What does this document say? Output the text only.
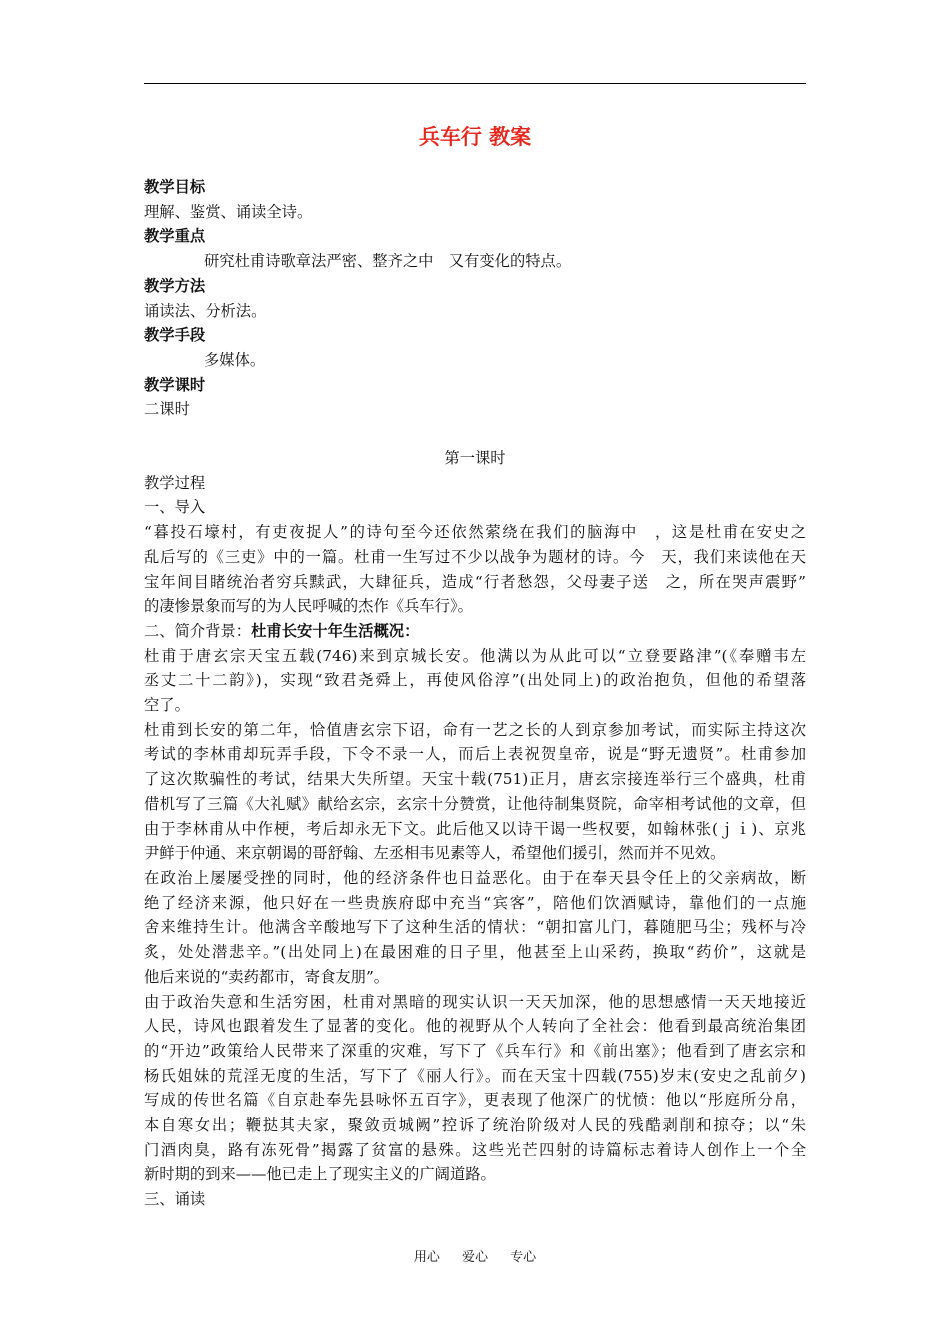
兵车行 教案
教学目标
理解、鉴赏、诵读全诗。
教学重点
研究杜甫诗歌章法严密、整齐之中　又有变化的特点。
教学方法
诵读法、分析法。
教学手段
多媒体。
教学课时
二课时
第一课时
教学过程
一、导入
“暮投石壕村，有吏夜捉人”的诗句至今还依然萦绕在我们的脑海中　，这是杜甫在安史之
乱后写的《三吏》中的一篇。杜甫一生写过不少以战争为题材的诗。今　天，我们来读他在天
宝年间目睹统治者穷兵黩武，大肆征兵，造成“行者愁怨，父母妻子送　之，所在哭声震野”
的凄惨景象而写的为人民呼喊的杰作《兵车行》。
二、简介背景：杜甫长安十年生活概况：
杜甫于唐玄宗天宝五载(746)来到京城长安。他满以为从此可以“立登要路津”(《奉赠韦左
丞丈二十二韵》)，实现“致君尧舜上，再使风俗淳”(出处同上)的政治抱负，但他的希望落
空了。
杜甫到长安的第二年，恰值唐玄宗下诏，命有一艺之长的人到京参加考试，而实际主持这次
考试的李林甫却玩弄手段，下令不录一人，而后上表祝贺皇帝，说是“野无遗贤”。杜甫参加
了这次欺骗性的考试，结果大失所望。天宝十载(751)正月，唐玄宗接连举行三个盛典，杜甫
借机写了三篇《大礼赋》献给玄宗，玄宗十分赞赏，让他待制集贤院，命宰相考试他的文章，但
由于李林甫从中作梗，考后却永无下文。此后他又以诗干谒一些权要，如翰林张(ｊｉ)、京兆
尹鲜于仲通、来京朝谒的哥舒翰、左丞相韦见素等人，希望他们援引，然而并不见效。
在政治上屡屡受挫的同时，他的经济条件也日益恶化。由于在奉天县令任上的父亲病故，断
绝了经济来源，他只好在一些贵族府邸中充当“宾客”，陪他们饮酒赋诗，靠他们的一点施
舍来维持生计。他满含辛酸地写下了这种生活的情状：“朝扣富儿门，暮随肥马尘；残杯与冷
炙，处处潜悲辛。”(出处同上)在最困难的日子里，他甚至上山采药，换取“药价”，这就是
他后来说的“卖药都市，寄食友朋”。
由于政治失意和生活穷困，杜甫对黑暗的现实认识一天天加深，他的思想感情一天天地接近
人民，诗风也跟着发生了显著的变化。他的视野从个人转向了全社会：他看到最高统治集团
的“开边”政策给人民带来了深重的灾难，写下了《兵车行》和《前出塞》；他看到了唐玄宗和
杨氏姐妹的荒淫无度的生活，写下了《丽人行》。而在天宝十四载(755)岁末(安史之乱前夕)
写成的传世名篇《自京赴奉先县咏怀五百字》，更表现了他深广的忧愤：他以“彤庭所分帛，
本自寒女出；鞭挞其夫家，聚敛贡城阙”控诉了统治阶级对人民的残酷剥削和掠夺；以“朱
门酒肉臭，路有冻死骨”揭露了贫富的悬殊。这些光芒四射的诗篇标志着诗人创作上一个全
新时期的到来——他已走上了现实主义的广阔道路。
三、诵读
用心 爱心 专心
